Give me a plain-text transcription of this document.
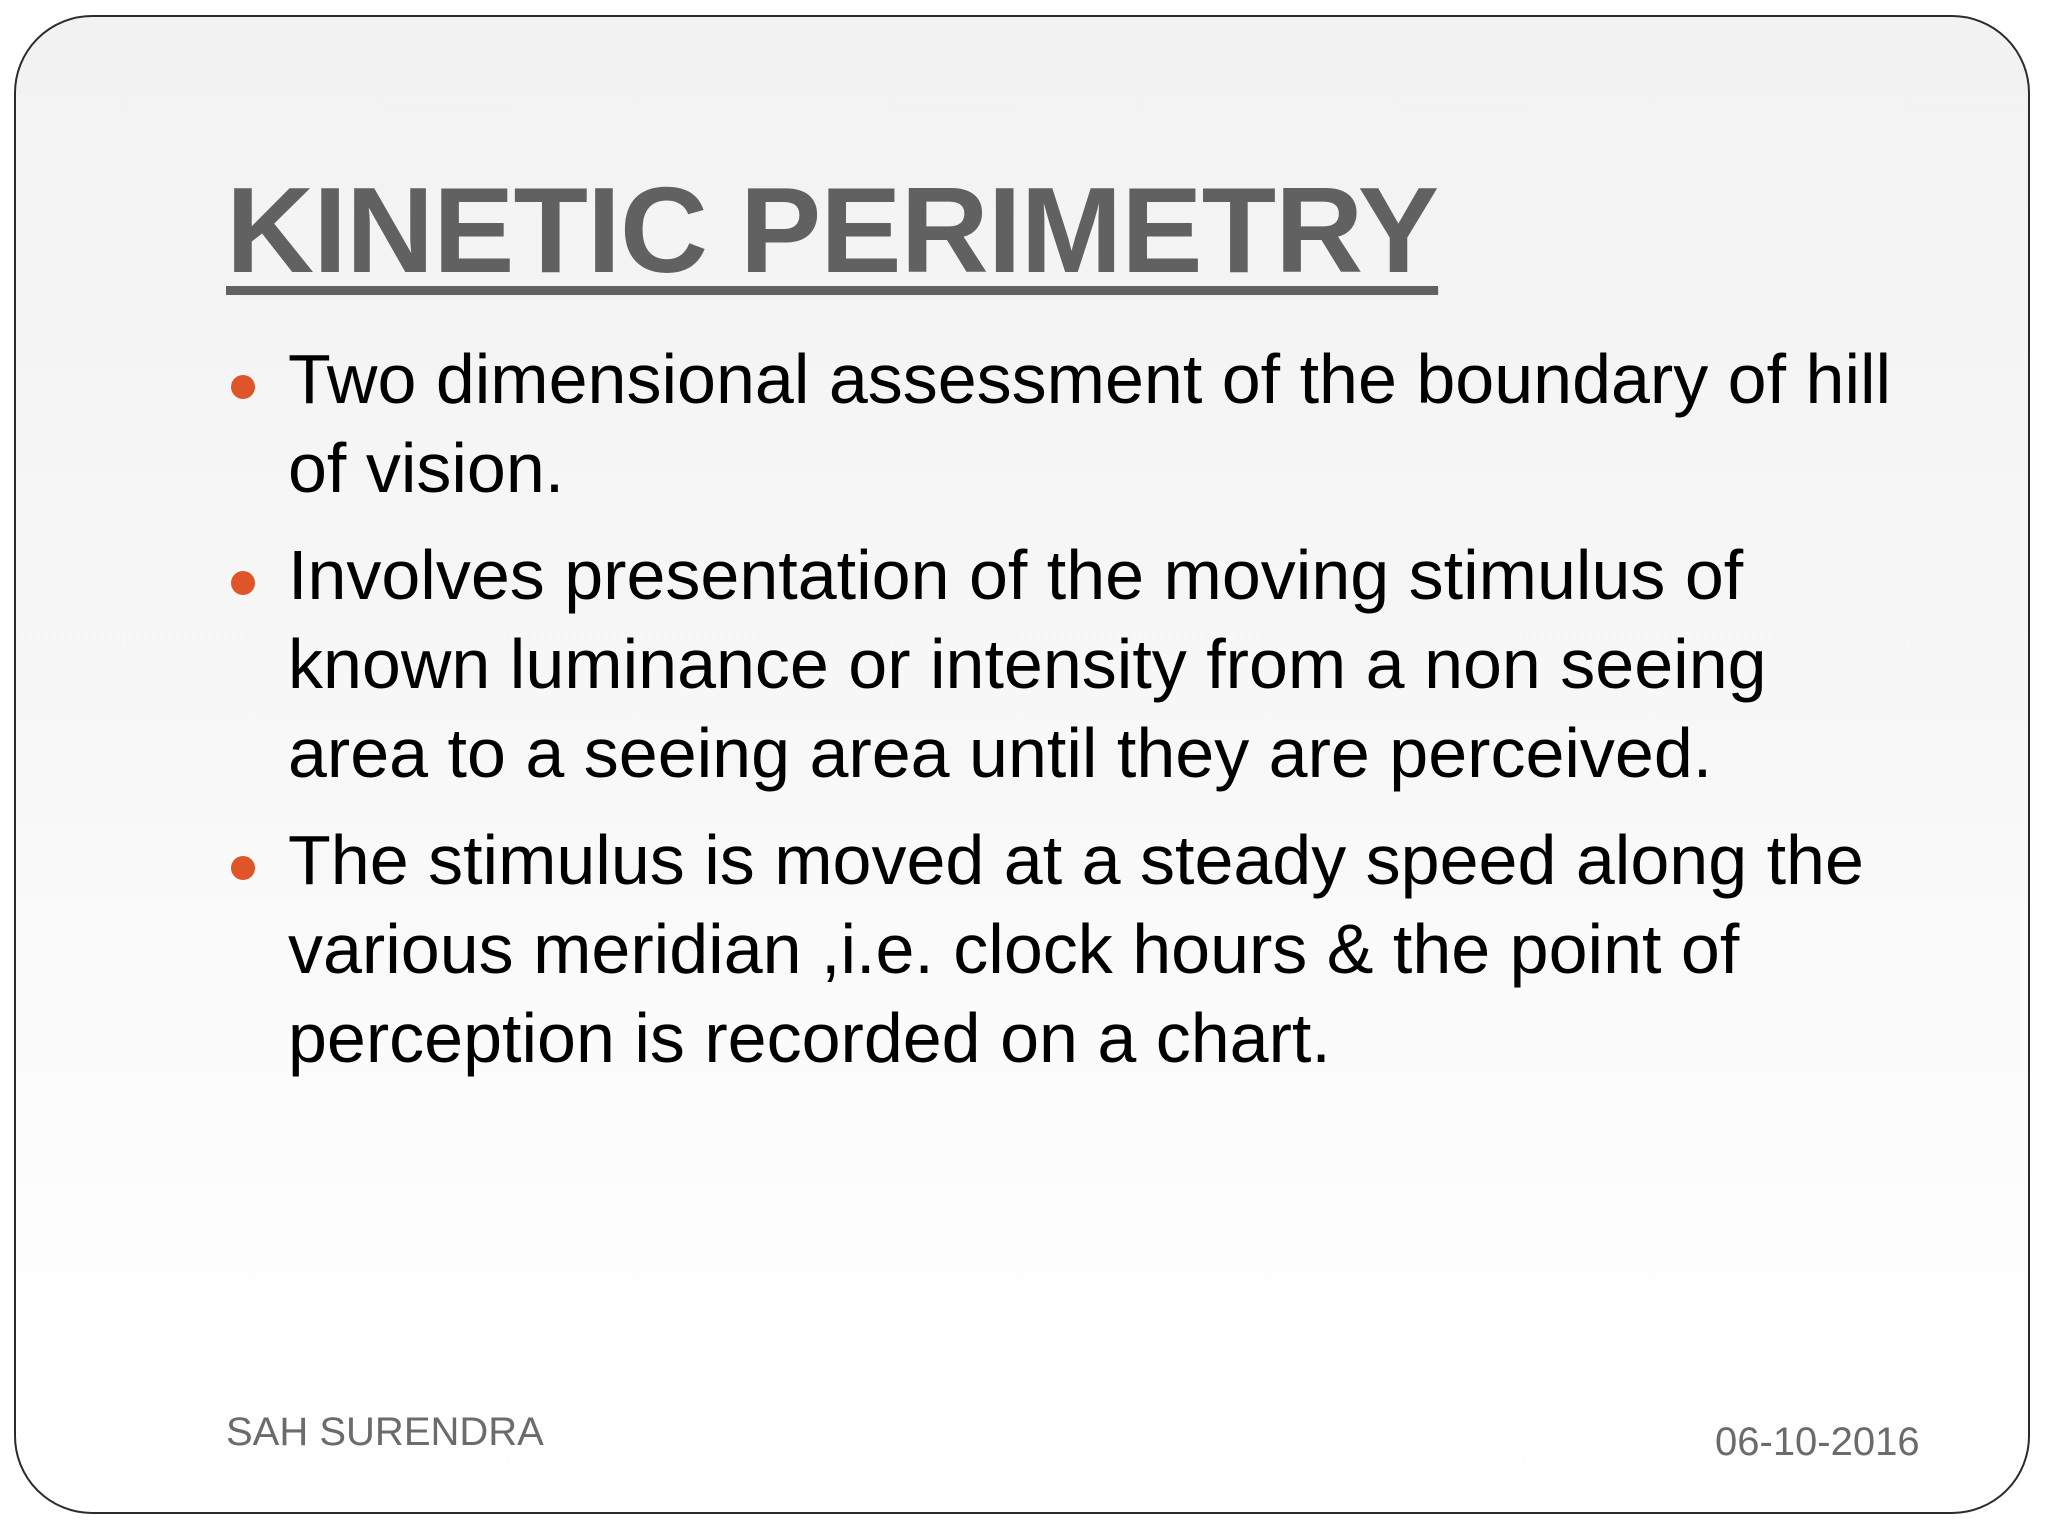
KINETIC PERIMETRY
Two dimensional assessment of the boundary of hill of vision.
Involves presentation of the moving stimulus of known luminance or intensity from a non seeing area to a seeing area until they are perceived.
The stimulus is moved at a steady speed along the various meridian ,i.e. clock hours & the point of perception is recorded on a chart.
SAH SURENDRA	06-10-2016
